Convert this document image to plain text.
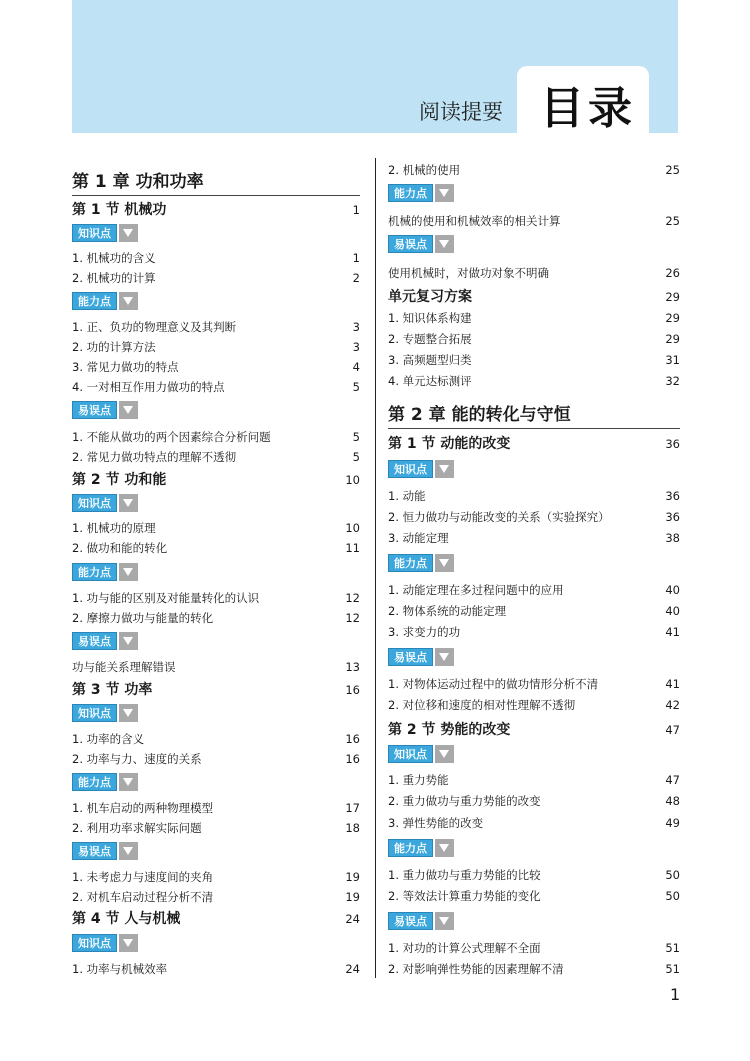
阅读提要 目录
第 1 章 功和功率
第 1 节 机械功	1
知识点
1. 机械功的含义	1
2. 机械功的计算	2
能力点
1. 正、负功的物理意义及其判断	3
2. 功的计算方法	3
3. 常见力做功的特点	4
4. 一对相互作用力做功的特点	5
易误点
1. 不能从做功的两个因素综合分析问题	5
2. 常见力做功特点的理解不透彻	5
第 2 节 功和能	10
知识点
1. 机械功的原理	10
2. 做功和能的转化	11
能力点
1. 功与能的区别及对能量转化的认识	12
2. 摩擦力做功与能量的转化	12
易误点
功与能关系理解错误	13
第 3 节 功率	16
知识点
1. 功率的含义	16
2. 功率与力、速度的关系	16
能力点
1. 机车启动的两种物理模型	17
2. 利用功率求解实际问题	18
易误点
1. 未考虑力与速度间的夹角	19
2. 对机车启动过程分析不清	19
第 4 节 人与机械	24
知识点
1. 功率与机械效率	24
2. 机械的使用	25
能力点
机械的使用和机械效率的相关计算	25
易误点
使用机械时，对做功对象不明确	26
单元复习方案	29
1. 知识体系构建	29
2. 专题整合拓展	29
3. 高频题型归类	31
4. 单元达标测评	32
第 2 章 能的转化与守恒
第 1 节 动能的改变	36
知识点
1. 动能	36
2. 恒力做功与动能改变的关系（实验探究）	36
3. 动能定理	38
能力点
1. 动能定理在多过程问题中的应用	40
2. 物体系统的动能定理	40
3. 求变力的功	41
易误点
1. 对物体运动过程中的做功情形分析不清	41
2. 对位移和速度的相对性理解不透彻	42
第 2 节 势能的改变	47
知识点
1. 重力势能	47
2. 重力做功与重力势能的改变	48
3. 弹性势能的改变	49
能力点
1. 重力做功与重力势能的比较	50
2. 等效法计算重力势能的变化	50
易误点
1. 对功的计算公式理解不全面	51
2. 对影响弹性势能的因素理解不清	51
1
